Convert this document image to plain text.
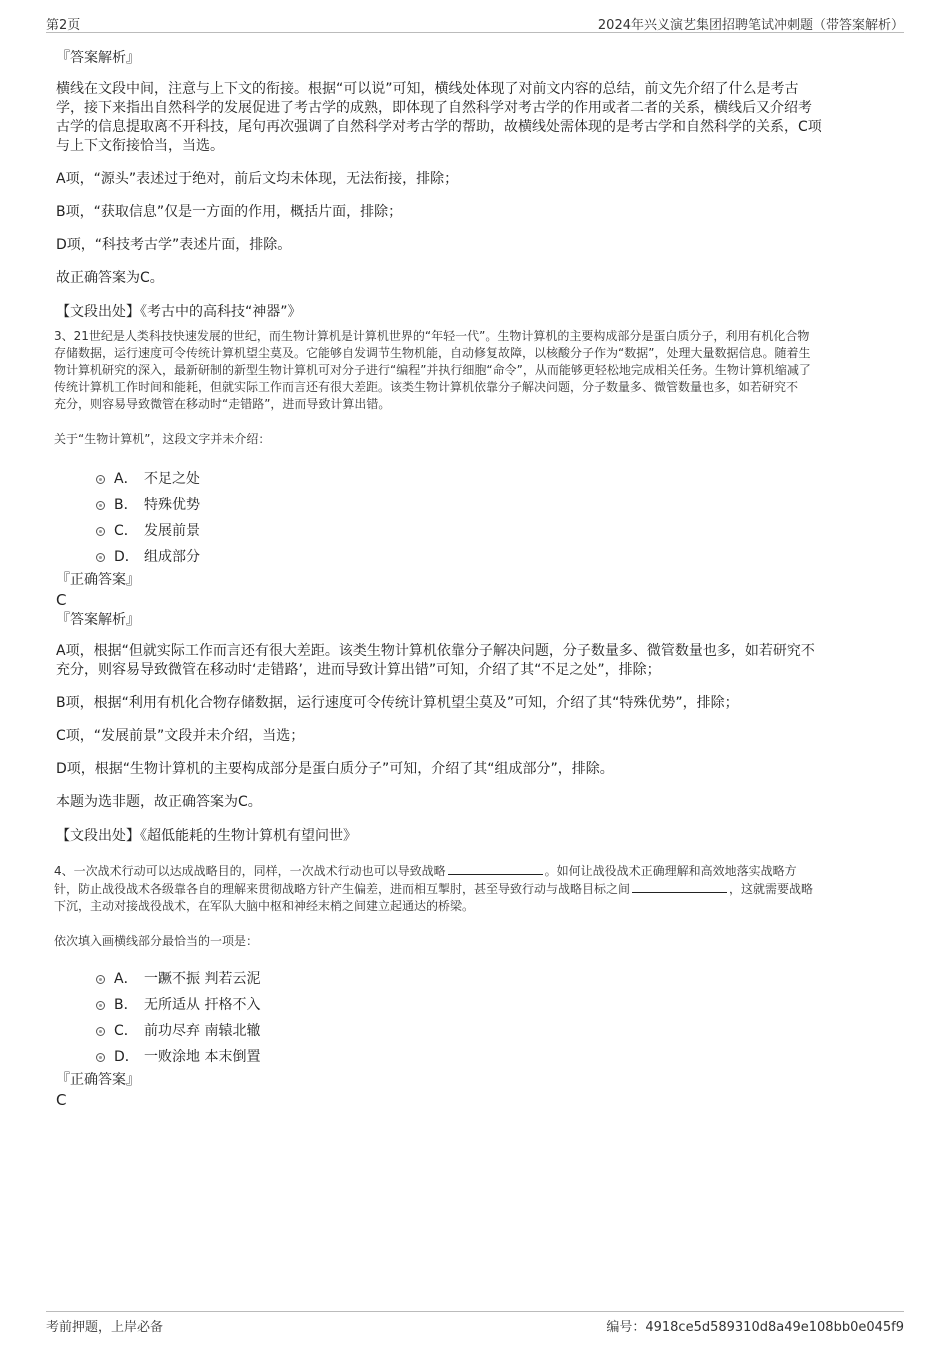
第2页	2024年兴义演艺集团招聘笔试冲刺题（带答案解析）
『答案解析』

横线在文段中间，注意与上下文的衔接。根据“可以说”可知，横线处体现了对前文内容的总结，前文先介绍了什么是考古

学，接下来指出自然科学的发展促进了考古学的成熟，即体现了自然科学对考古学的作用或者二者的关系，横线后又介绍考

古学的信息提取离不开科技，尾句再次强调了自然科学对考古学的帮助，故横线处需体现的是考古学和自然科学的关系，C项

与上下文衔接恰当，当选。

A项，“源头”表述过于绝对，前后文均未体现，无法衔接，排除；

B项，“获取信息”仅是一方面的作用，概括片面，排除；

D项，“科技考古学”表述片面，排除。

故正确答案为C。

【文段出处】《考古中的高科技“神器”》

3、21世纪是人类科技快速发展的世纪，而生物计算机是计算机世界的“年轻一代”。生物计算机的主要构成部分是蛋白质分子，利用有机化合物

存储数据，运行速度可令传统计算机望尘莫及。它能够自发调节生物机能，自动修复故障，以核酸分子作为“数据”，处理大量数据信息。随着生

物计算机研究的深入，最新研制的新型生物计算机可对分子进行“编程”并执行细胞“命令”，从而能够更轻松地完成相关任务。生物计算机缩减了

传统计算机工作时间和能耗，但就实际工作而言还有很大差距。该类生物计算机依靠分子解决问题，分子数量多、微管数量也多，如若研究不

充分，则容易导致微管在移动时“走错路”，进而导致计算出错。

关于“生物计算机”，这段文字并未介绍：

A． 不足之处
B． 特殊优势
C． 发展前景
D． 组成部分
『正确答案』
C
『答案解析』

A项，根据“但就实际工作而言还有很大差距。该类生物计算机依靠分子解决问题，分子数量多、微管数量也多，如若研究不

充分，则容易导致微管在移动时‘走错路’，进而导致计算出错”可知，介绍了其“不足之处”，排除；

B项，根据“利用有机化合物存储数据，运行速度可令传统计算机望尘莫及”可知，介绍了其“特殊优势”，排除；

C项，“发展前景”文段并未介绍，当选；

D项，根据“生物计算机的主要构成部分是蛋白质分子”可知，介绍了其“组成部分”，排除。

本题为选非题，故正确答案为C。

【文段出处】《超低能耗的生物计算机有望问世》

4、一次战术行动可以达成战略目的，同样，一次战术行动也可以导致战略	。如何让战役战术正确理解和高效地落实战略方

针，防止战役战术各级靠各自的理解来贯彻战略方针产生偏差，进而相互掣肘，甚至导致行动与战略目标之间	，这就需要战略

下沉，主动对接战役战术，在军队大脑中枢和神经末梢之间建立起通达的桥梁。

依次填入画横线部分最恰当的一项是：

A． 一蹶不振 判若云泥
B． 无所适从 扞格不入
C． 前功尽弃 南辕北辙
D． 一败涂地 本末倒置
『正确答案』
C
考前押题，上岸必备	编号：4918ce5d589310d8a49e108bb0e045f9
